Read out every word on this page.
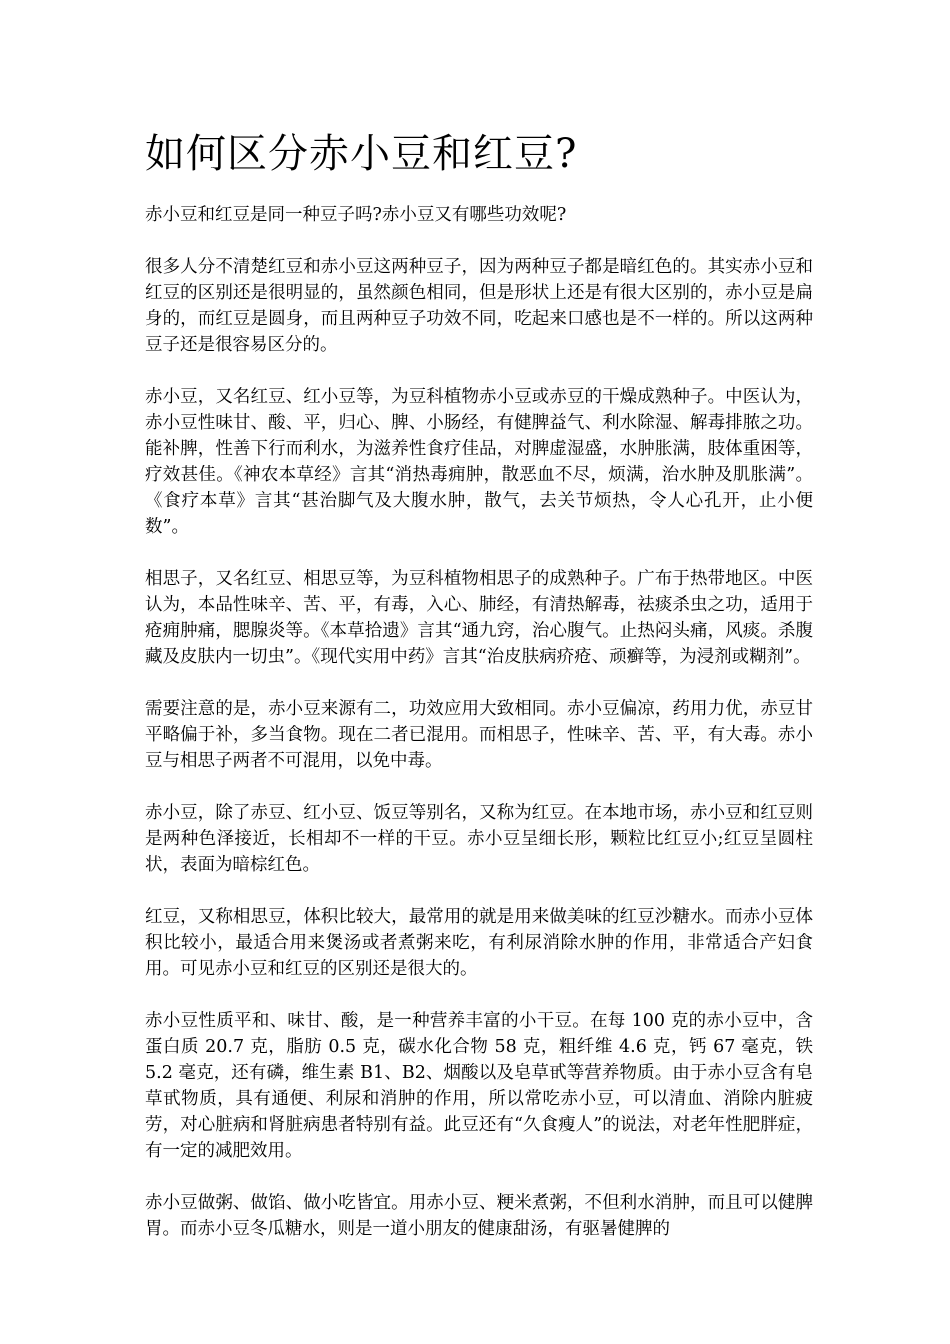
如何区分赤小豆和红豆?

赤小豆和红豆是同一种豆子吗?赤小豆又有哪些功效呢?

很多人分不清楚红豆和赤小豆这两种豆子，因为两种豆子都是暗红色的。其实赤小豆和红豆的区别还是很明显的，虽然颜色相同，但是形状上还是有很大区别的，赤小豆是扁身的，而红豆是圆身，而且两种豆子功效不同，吃起来口感也是不一样的。所以这两种豆子还是很容易区分的。

赤小豆，又名红豆、红小豆等，为豆科植物赤小豆或赤豆的干燥成熟种子。中医认为，赤小豆性味甘、酸、平，归心、脾、小肠经，有健脾益气、利水除湿、解毒排脓之功。能补脾，性善下行而利水，为滋养性食疗佳品，对脾虚湿盛，水肿胀满，肢体重困等，疗效甚佳。《神农本草经》言其“消热毒痈肿，散恶血不尽，烦满，治水肿及肌胀满”。《食疗本草》言其“甚治脚气及大腹水肿，散气，去关节烦热，令人心孔开，止小便数”。

相思子，又名红豆、相思豆等，为豆科植物相思子的成熟种子。广布于热带地区。中医认为，本品性味辛、苦、平，有毒，入心、肺经，有清热解毒，祛痰杀虫之功，适用于疮痈肿痛，腮腺炎等。《本草拾遗》言其“通九窍，治心腹气。止热闷头痛，风痰。杀腹藏及皮肤内一切虫”。《现代实用中药》言其“治皮肤病疥疮、顽癣等，为浸剂或糊剂”。

需要注意的是，赤小豆来源有二，功效应用大致相同。赤小豆偏凉，药用力优，赤豆甘平略偏于补，多当食物。现在二者已混用。而相思子，性味辛、苦、平，有大毒。赤小豆与相思子两者不可混用，以免中毒。

赤小豆，除了赤豆、红小豆、饭豆等别名，又称为红豆。在本地市场，赤小豆和红豆则是两种色泽接近，长相却不一样的干豆。赤小豆呈细长形，颗粒比红豆小;红豆呈圆柱状，表面为暗棕红色。

红豆，又称相思豆，体积比较大，最常用的就是用来做美味的红豆沙糖水。而赤小豆体积比较小，最适合用来煲汤或者煮粥来吃，有利尿消除水肿的作用，非常适合产妇食用。可见赤小豆和红豆的区别还是很大的。

赤小豆性质平和、味甘、酸，是一种营养丰富的小干豆。在每 100 克的赤小豆中，含蛋白质 20.7 克，脂肪 0.5 克，碳水化合物 58 克，粗纤维 4.6 克，钙 67 毫克，铁 5.2 毫克，还有磷，维生素 B1、B2、烟酸以及皂草甙等营养物质。由于赤小豆含有皂草甙物质，具有通便、利尿和消肿的作用，所以常吃赤小豆，可以清血、消除内脏疲劳，对心脏病和肾脏病患者特别有益。此豆还有“久食瘦人”的说法，对老年性肥胖症，有一定的减肥效用。

赤小豆做粥、做馅、做小吃皆宜。用赤小豆、粳米煮粥，不但利水消肿，而且可以健脾胃。而赤小豆冬瓜糖水，则是一道小朋友的健康甜汤，有驱暑健脾的
